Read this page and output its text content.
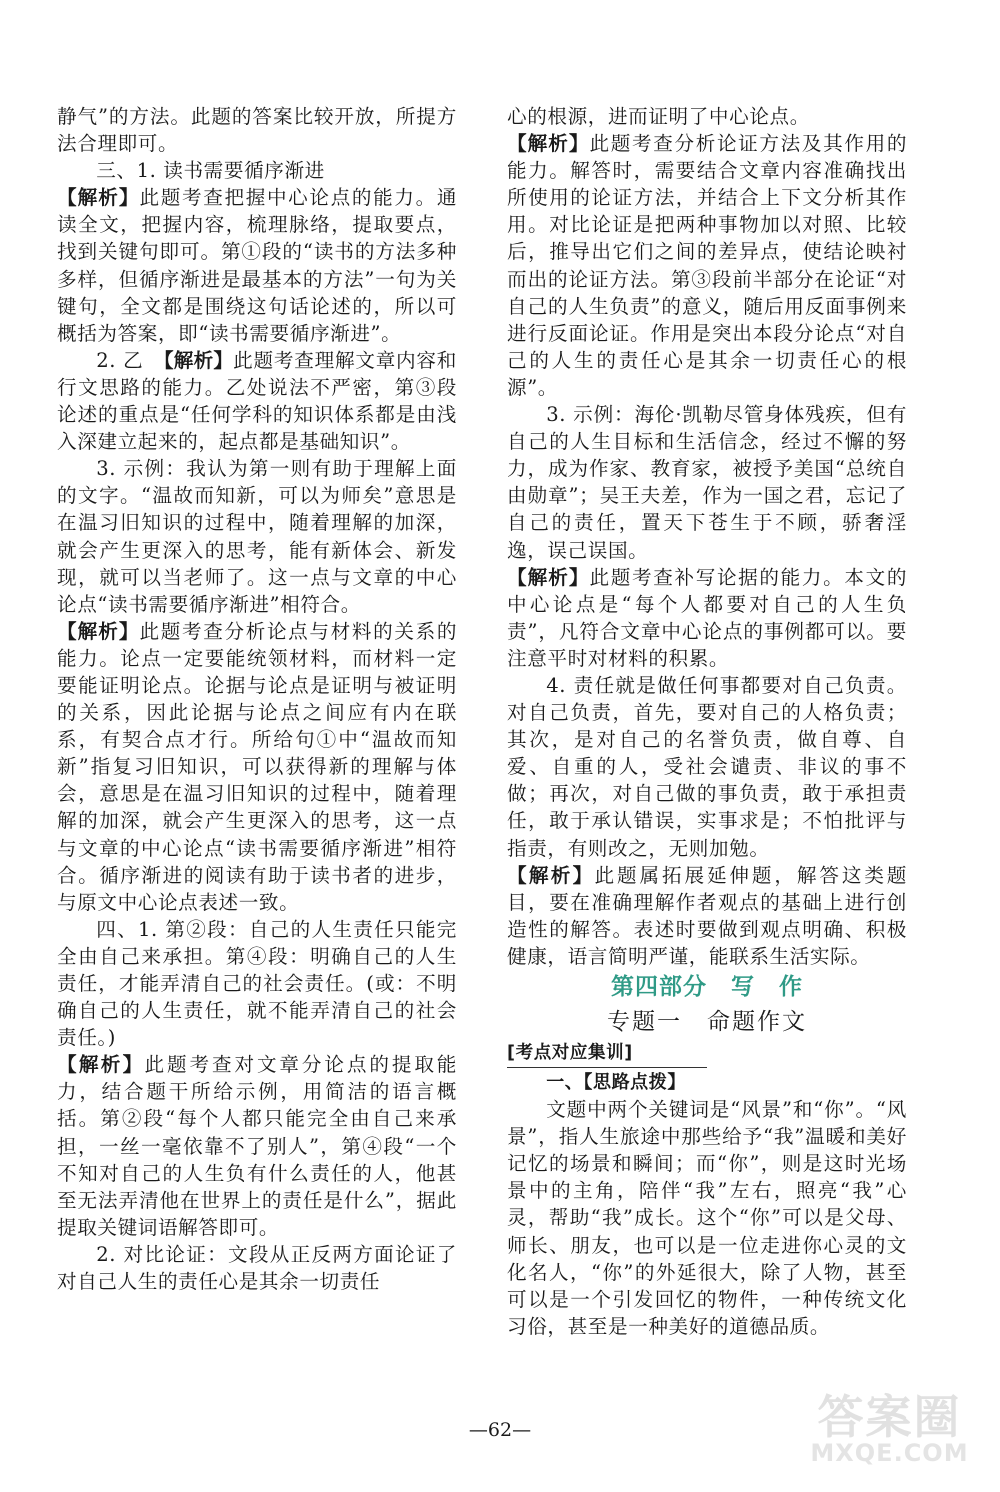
静气”的方法。此题的答案比较开放，所提方法合理即可。

三、1. 读书需要循序渐进

【解析】此题考查把握中心论点的能力。通读全文，把握内容，梳理脉络，提取要点，找到关键句即可。第①段的“读书的方法多种多样，但循序渐进是最基本的方法”一句为关键句，全文都是围绕这句话论述的，所以可概括为答案，即“读书需要循序渐进”。

2. 乙　【解析】此题考查理解文章内容和行文思路的能力。乙处说法不严密，第③段论述的重点是“任何学科的知识体系都是由浅入深建立起来的，起点都是基础知识”。

3. 示例：我认为第一则有助于理解上面的文字。“温故而知新，可以为师矣”意思是在温习旧知识的过程中，随着理解的加深，就会产生更深入的思考，能有新体会、新发现，就可以当老师了。这一点与文章的中心论点“读书需要循序渐进”相符合。

【解析】此题考查分析论点与材料的关系的能力。论点一定要能统领材料，而材料一定要能证明论点。论据与论点是证明与被证明的关系，因此论据与论点之间应有内在联系，有契合点才行。所给句①中“温故而知新”指复习旧知识，可以获得新的理解与体会，意思是在温习旧知识的过程中，随着理解的加深，就会产生更深入的思考，这一点与文章的中心论点“读书需要循序渐进”相符合。循序渐进的阅读有助于读书者的进步，与原文中心论点表述一致。

四、1. 第②段：自己的人生责任只能完全由自己来承担。第④段：明确自己的人生责任，才能弄清自己的社会责任。(或：不明确自己的人生责任，就不能弄清自己的社会责任。)

【解析】此题考查对文章分论点的提取能力，结合题干所给示例，用简洁的语言概括。第②段“每个人都只能完全由自己来承担，一丝一毫依靠不了别人”，第④段“一个不知对自己的人生负有什么责任的人，他甚至无法弄清他在世界上的责任是什么”，据此提取关键词语解答即可。

2. 对比论证：文段从正反两方面论证了对自己人生的责任心是其余一切责任

心的根源，进而证明了中心论点。

【解析】此题考查分析论证方法及其作用的能力。解答时，需要结合文章内容准确找出所使用的论证方法，并结合上下文分析其作用。对比论证是把两种事物加以对照、比较后，推导出它们之间的差异点，使结论映衬而出的论证方法。第③段前半部分在论证“对自己的人生负责”的意义，随后用反面事例来进行反面论证。作用是突出本段分论点“对自己的人生的责任心是其余一切责任心的根源”。

3. 示例：海伦·凯勒尽管身体残疾，但有自己的人生目标和生活信念，经过不懈的努力，成为作家、教育家，被授予美国“总统自由勋章”；吴王夫差，作为一国之君，忘记了自己的责任，置天下苍生于不顾，骄奢淫逸，误己误国。

【解析】此题考查补写论据的能力。本文的中心论点是“每个人都要对自己的人生负责”，凡符合文章中心论点的事例都可以。要注意平时对材料的积累。

4. 责任就是做任何事都要对自己负责。对自己负责，首先，要对自己的人格负责；其次，是对自己的名誉负责，做自尊、自爱、自重的人，受社会谴责、非议的事不做；再次，对自己做的事负责，敢于承担责任，敢于承认错误，实事求是；不怕批评与指责，有则改之，无则加勉。

【解析】此题属拓展延伸题，解答这类题目，要在准确理解作者观点的基础上进行创造性的解答。表述时要做到观点明确、积极健康，语言简明严谨，能联系生活实际。

第四部分　写　作

专题一　命题作文

[考点对应集训]

一、【思路点拨】

文题中两个关键词是“风景”和“你”。“风景”，指人生旅途中那些给予“我”温暖和美好记忆的场景和瞬间；而“你”，则是这时光场景中的主角，陪伴“我”左右，照亮“我”心灵，帮助“我”成长。这个“你”可以是父母、师长、朋友，也可以是一位走进你心灵的文化名人，“你”的外延很大，除了人物，甚至可以是一个引发回忆的物件，一种传统文化习俗，甚至是一种美好的道德品质。

—62—	答案圈
MXQE.COM
